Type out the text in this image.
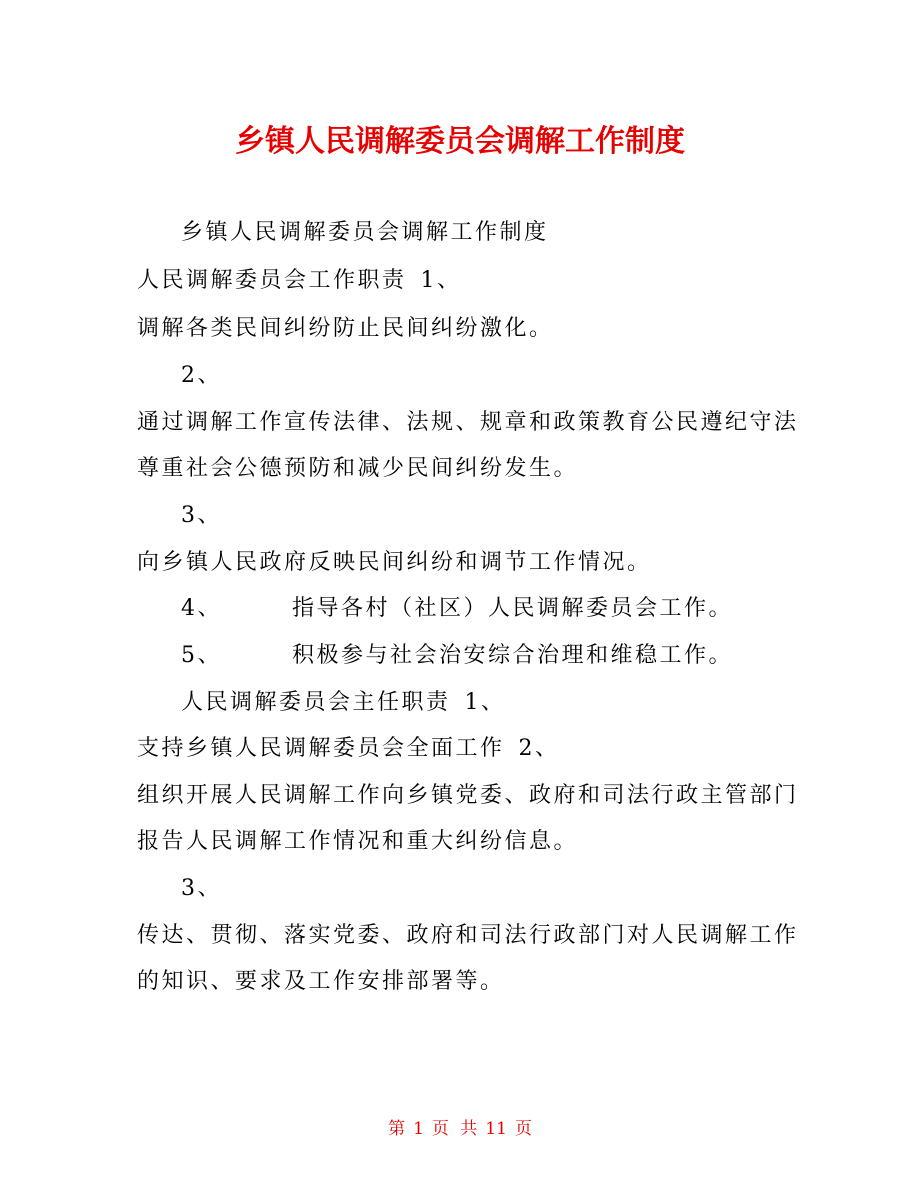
乡镇人民调解委员会调解工作制度
乡镇人民调解委员会调解工作制度
人民调解委员会工作职责 1、
调解各类民间纠纷防止民间纠纷激化。
2、
通过调解工作宣传法律、法规、规章和政策教育公民遵纪守法
尊重社会公德预防和减少民间纠纷发生。
3、
向乡镇人民政府反映民间纠纷和调节工作情况。
4、	指导各村（社区）人民调解委员会工作。
5、	积极参与社会治安综合治理和维稳工作。
人民调解委员会主任职责 1、
支持乡镇人民调解委员会全面工作 2、
组织开展人民调解工作向乡镇党委、政府和司法行政主管部门
报告人民调解工作情况和重大纠纷信息。
3、
传达、贯彻、落实党委、政府和司法行政部门对人民调解工作
的知识、要求及工作安排部署等。
第 1 页 共 11 页
